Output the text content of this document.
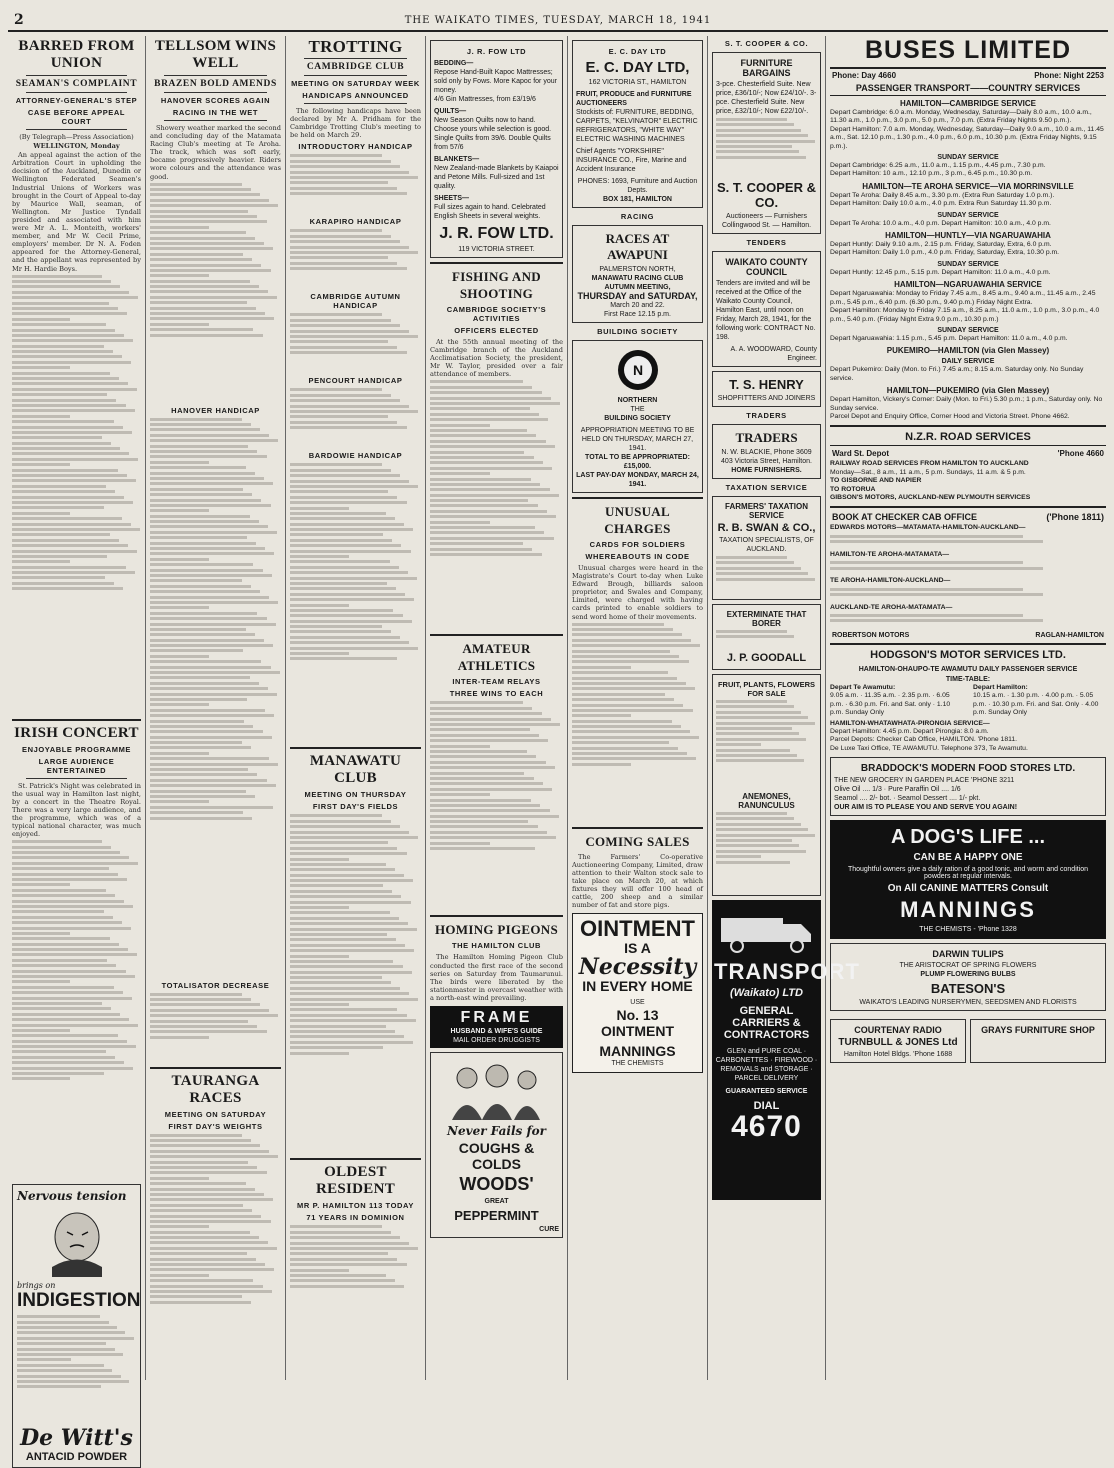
2	THE WAIKATO TIMES, TUESDAY, MARCH 18, 1941
BARRED FROM UNION
SEAMAN'S COMPLAINT
ATTORNEY-GENERAL'S STEP
CASE BEFORE APPEAL COURT
(By Telegraph—Press Association)
WELLINGTON, Monday
An appeal against the action of the Arbitration Court in upholding the decision of the Auckland, Dunedin or Wellington Federated Seamen's Industrial Unions of Workers was brought in the Court of Appeal to-day by Maurice Wall, seaman, of Wellington. Mr Justice Tyndall presided and associated with him were Mr A. L. Monteith, workers' member, and Mr W. Cecil Prime, employers' member. Dr N. A. Foden appeared for the Attorney-General, and the appellant was represented by Mr H. Hardie Boys.
IRISH CONCERT
ENJOYABLE PROGRAMME
LARGE AUDIENCE ENTERTAINED
St. Patrick's Night was celebrated in the usual way in Hamilton last night, by a concert in the Theatre Royal. There was a very large audience, and the programme, which was of a typical national character, was much enjoyed.
Nervous tension
brings on
INDIGESTION
De Witt's
ANTACID POWDER
TELLSOM WINS WELL
BRAZEN BOLD AMENDS
HANOVER SCORES AGAIN
RACING IN THE WET
Showery weather marked the second and concluding day of the Matamata Racing Club's meeting at Te Aroha. The track, which was soft early, became progressively heavier. Riders wore colours and the attendance was good.
HANOVER HANDICAP
TOTALISATOR DECREASE
TAURANGA RACES
MEETING ON SATURDAY
FIRST DAY'S WEIGHTS
TROTTING
CAMBRIDGE CLUB
MEETING ON SATURDAY WEEK
HANDICAPS ANNOUNCED
The following handicaps have been declared by Mr A. Pridham for the Cambridge Trotting Club's meeting to be held on March 29.
INTRODUCTORY HANDICAP
KARAPIRO HANDICAP
CAMBRIDGE AUTUMN HANDICAP
PENCOURT HANDICAP
BARDOWIE HANDICAP
MANAWATU CLUB
MEETING ON THURSDAY
FIRST DAY'S FIELDS
OLDEST RESIDENT
MR P. HAMILTON 113 TODAY
71 YEARS IN DOMINION
J. R. FOW LTD
BEDDING—
Repose Hand-Built Kapoc Mattresses; sold only by Fows. More Kapoc for your money.
4/6 Gin Mattresses, from £3/19/6
QUILTS—
New Season Quilts now to hand. Choose yours while selection is good. Single Quilts from 39/6. Double Quilts from 57/6
BLANKETS—
New Zealand-made Blankets by Kaiapoi and Petone Mills. Full-sized and 1st quality.
SHEETS—
Full sizes again to hand. Celebrated English Sheets in several weights.
J. R. FOW LTD.
119 VICTORIA STREET.
FISHING AND SHOOTING
CAMBRIDGE SOCIETY'S ACTIVITIES
OFFICERS ELECTED
At the 55th annual meeting of the Cambridge branch of the Auckland Acclimatisation Society, the president, Mr W. Taylor, presided over a fair attendance of members.
AMATEUR ATHLETICS
INTER-TEAM RELAYS
THREE WINS TO EACH
HOMING PIGEONS
THE HAMILTON CLUB
The Hamilton Homing Pigeon Club conducted the first race of the second series on Saturday from Taumarunui. The birds were liberated by the stationmaster in overcast weather with a north-east wind prevailing.
FRAME
HUSBAND & WIFE'S GUIDE
MAIL ORDER DRUGGISTS
Never Fails for
COUGHS & COLDS
WOODS'
GREAT
PEPPERMINT
CURE
E. C. DAY LTD
E. C. DAY LTD,
162 VICTORIA ST., HAMILTON
FRUIT, PRODUCE and FURNITURE AUCTIONEERS
Stockists of: FURNITURE, BEDDING, CARPETS, "KELVINATOR" ELECTRIC REFRIGERATORS, "WHITE WAY" ELECTRIC WASHING MACHINES
Chief Agents "YORKSHIRE" INSURANCE CO., Fire, Marine and Accident Insurance
PHONES: 1693, Furniture and Auction Depts.
BOX 181, HAMILTON
RACING
RACES AT AWAPUNI
PALMERSTON NORTH,
MANAWATU RACING CLUB AUTUMN MEETING,
THURSDAY and SATURDAY,
March 20 and 22.
First Race 12.15 p.m.
BUILDING SOCIETY
N
NORTHERN
THE
BUILDING SOCIETY
APPROPRIATION MEETING TO BE HELD ON THURSDAY, MARCH 27, 1941.
TOTAL TO BE APPROPRIATED: £15,000.
LAST PAY-DAY MONDAY, MARCH 24, 1941.
UNUSUAL CHARGES
CARDS FOR SOLDIERS
WHEREABOUTS IN CODE
Unusual charges were heard in the Magistrate's Court to-day when Luke Edward Brough, billiards saloon proprietor, and Swales and Company, Limited, were charged with having cards printed to enable soldiers to send word home of their movements.
COMING SALES
The Farmers' Co-operative Auctioneering Company, Limited, draw attention to their Walton stock sale to take place on March 20, at which fixtures they will offer 100 head of cattle, 200 sheep and a similar number of fat and store pigs.
OINTMENT
IS A
Necessity
IN EVERY HOME
USE
No. 13
OINTMENT
MANNINGS
THE CHEMISTS
S. T. COOPER & CO.
FURNITURE BARGAINS
3-pce. Chesterfield Suite. New price, £36/10/-; Now £24/10/-. 3-pce. Chesterfield Suite. New price, £32/10/-; Now £22/10/-.
S. T. COOPER & CO.
Auctioneers — Furnishers
Collingwood St. — Hamilton.
TENDERS
WAIKATO COUNTY COUNCIL
Tenders are invited and will be received at the Office of the Waikato County Council, Hamilton East, until noon on Friday, March 28, 1941, for the following work: CONTRACT No. 198.
A. A. WOODWARD, County Engineer.
T. S. HENRY
SHOPFITTERS AND JOINERS
TRADERS
TRADERS
N. W. BLACKIE, Phone 3609
403 Victoria Street, Hamilton.
HOME FURNISHERS.
TAXATION SERVICE
FARMERS' TAXATION SERVICE
R. B. SWAN & CO.,
TAXATION SPECIALISTS, OF AUCKLAND.
EXTERMINATE THAT BORER
J. P. GOODALL
FRUIT, PLANTS, FLOWERS FOR SALE
ANEMONES, RANUNCULUS
TRANSPORT
(Waikato) LTD
GENERAL
CARRIERS &
CONTRACTORS
GLEN and PURE COAL · CARBONETTES · FIREWOOD · REMOVALS and STORAGE · PARCEL DELIVERY
GUARANTEED SERVICE
DIAL
4670
BUSES LIMITED
Phone: Day 4660	Phone: Night 2253
PASSENGER TRANSPORT——COUNTRY SERVICES
HAMILTON—CAMBRIDGE SERVICE
Depart Cambridge: 6.0 a.m. Monday, Wednesday, Saturday—Daily 8.0 a.m., 10.0 a.m., 11.30 a.m., 1.0 p.m., 3.0 p.m., 5.0 p.m., 7.0 p.m. (Extra Friday Nights 9.50 p.m.).
Depart Hamilton: 7.0 a.m. Monday, Wednesday, Saturday—Daily 9.0 a.m., 10.0 a.m., 11.45 a.m., Sat. 12.10 p.m., 1.30 p.m., 4.0 p.m., 6.0 p.m., 10.30 p.m. (Extra Friday Nights, 9.15 p.m.).
SUNDAY SERVICE
Depart Cambridge: 6.25 a.m., 11.0 a.m., 1.15 p.m., 4.45 p.m., 7.30 p.m.
Depart Hamilton: 10 a.m., 12.10 p.m., 3 p.m., 6.45 p.m., 10.30 p.m.
HAMILTON—TE AROHA SERVICE—VIA MORRINSVILLE
Depart Te Aroha: Daily 8.45 a.m., 3.30 p.m. (Extra Run Saturday 1.0 p.m.).
Depart Hamilton: Daily 10.0 a.m., 4.0 p.m. Extra Run Saturday 11.30 p.m.
SUNDAY SERVICE
Depart Te Aroha: 10.0 a.m., 4.0 p.m. Depart Hamilton: 10.0 a.m., 4.0 p.m.
HAMILTON—HUNTLY—VIA NGARUAWAHIA
Depart Huntly: Daily 9.10 a.m., 2.15 p.m. Friday, Saturday, Extra, 6.0 p.m.
Depart Hamilton: Daily 1.0 p.m., 4.0 p.m. Friday, Saturday, Extra, 10.30 p.m.
SUNDAY SERVICE
Depart Huntly: 12.45 p.m., 5.15 p.m. Depart Hamilton: 11.0 a.m., 4.0 p.m.
HAMILTON—NGARUAWAHIA SERVICE
Depart Ngaruawahia: Monday to Friday 7.45 a.m., 8.45 a.m., 9.40 a.m., 11.45 a.m., 2.45 p.m., 5.45 p.m., 6.40 p.m. (6.30 p.m., 9.40 p.m.) Friday Night Extra.
Depart Hamilton: Monday to Friday 7.15 a.m., 8.25 a.m., 11.0 a.m., 1.0 p.m., 3.0 p.m., 4.0 p.m., 5.40 p.m. (Friday Night Extra 9.0 p.m., 10.30 p.m.)
SUNDAY SERVICE
Depart Ngaruawahia: 1.15 p.m., 5.45 p.m. Depart Hamilton: 11.0 a.m., 4.0 p.m.
PUKEMIRO—HAMILTON (via Glen Massey)
DAILY SERVICE
Depart Pukemiro: Daily (Mon. to Fri.) 7.45 a.m.; 8.15 a.m. Saturday only. No Sunday service.
HAMILTON—PUKEMIRO (via Glen Massey)
Depart Hamilton, Vickery's Corner: Daily (Mon. to Fri.) 5.30 p.m.; 1 p.m., Saturday only. No Sunday service.
Parcel Depot and Enquiry Office, Corner Hood and Victoria Street. Phone 4662.
N.Z.R. ROAD SERVICES
Ward St. Depot	'Phone 4660
RAILWAY ROAD SERVICES FROM HAMILTON TO AUCKLAND
Monday—Sat., 8 a.m., 11 a.m., 5 p.m. Sundays, 11 a.m. & 5 p.m.
TO GISBORNE AND NAPIER
TO ROTORUA
GIBSON'S MOTORS, AUCKLAND-NEW PLYMOUTH SERVICES
BOOK AT CHECKER CAB OFFICE	('Phone 1811)
EDWARDS MOTORS—MATAMATA-HAMILTON-AUCKLAND—
HAMILTON-TE AROHA-MATAMATA—
TE AROHA-HAMILTON-AUCKLAND—
AUCKLAND-TE AROHA-MATAMATA—
ROBERTSON MOTORS	RAGLAN-HAMILTON
HODGSON'S MOTOR SERVICES LTD.
HAMILTON-OHAUPO-TE AWAMUTU DAILY PASSENGER SERVICE
TIME-TABLE:
Depart Te Awamutu:
9.05 a.m. · 11.35 a.m. · 2.35 p.m. · 6.05 p.m. · 6.30 p.m. Fri. and Sat. only · 1.10 p.m. Sunday Only
Depart Hamilton:
10.15 a.m. · 1.30 p.m. · 4.00 p.m. · 5.05 p.m. · 10.30 p.m. Fri. and Sat. Only · 4.00 p.m. Sunday Only
HAMILTON-WHATAWHATA-PIRONGIA SERVICE—
Depart Hamilton: 4.45 p.m. Depart Pirongia: 8.0 a.m.
Parcel Depots: Checker Cab Office, HAMILTON. 'Phone 1811.
De Luxe Taxi Office, TE AWAMUTU. Telephone 373, Te Awamutu.
BRADDOCK'S MODERN FOOD STORES LTD.
THE NEW GROCERY IN GARDEN PLACE 'PHONE 3211
Olive Oil .... 1/3 · Pure Paraffin Oil .... 1/6
Seamol .... 2/- bot. · Seamol Dessert .... 1/- pkt.
OUR AIM IS TO PLEASE YOU AND SERVE YOU AGAIN!
A DOG'S LIFE ...
CAN BE A HAPPY ONE
Thoughtful owners give a daily ration of a good tonic, and worm and condition powders at regular intervals.
On All CANINE MATTERS Consult
MANNINGS
THE CHEMISTS - 'Phone 1328
DARWIN TULIPS
THE ARISTOCRAT OF SPRING FLOWERS
PLUMP FLOWERING BULBS
BATESON'S
WAIKATO'S LEADING NURSERYMEN, SEEDSMEN AND FLORISTS
COURTENAY RADIO
TURNBULL & JONES Ltd
Hamilton Hotel Bldgs. 'Phone 1688
GRAYS FURNITURE SHOP
